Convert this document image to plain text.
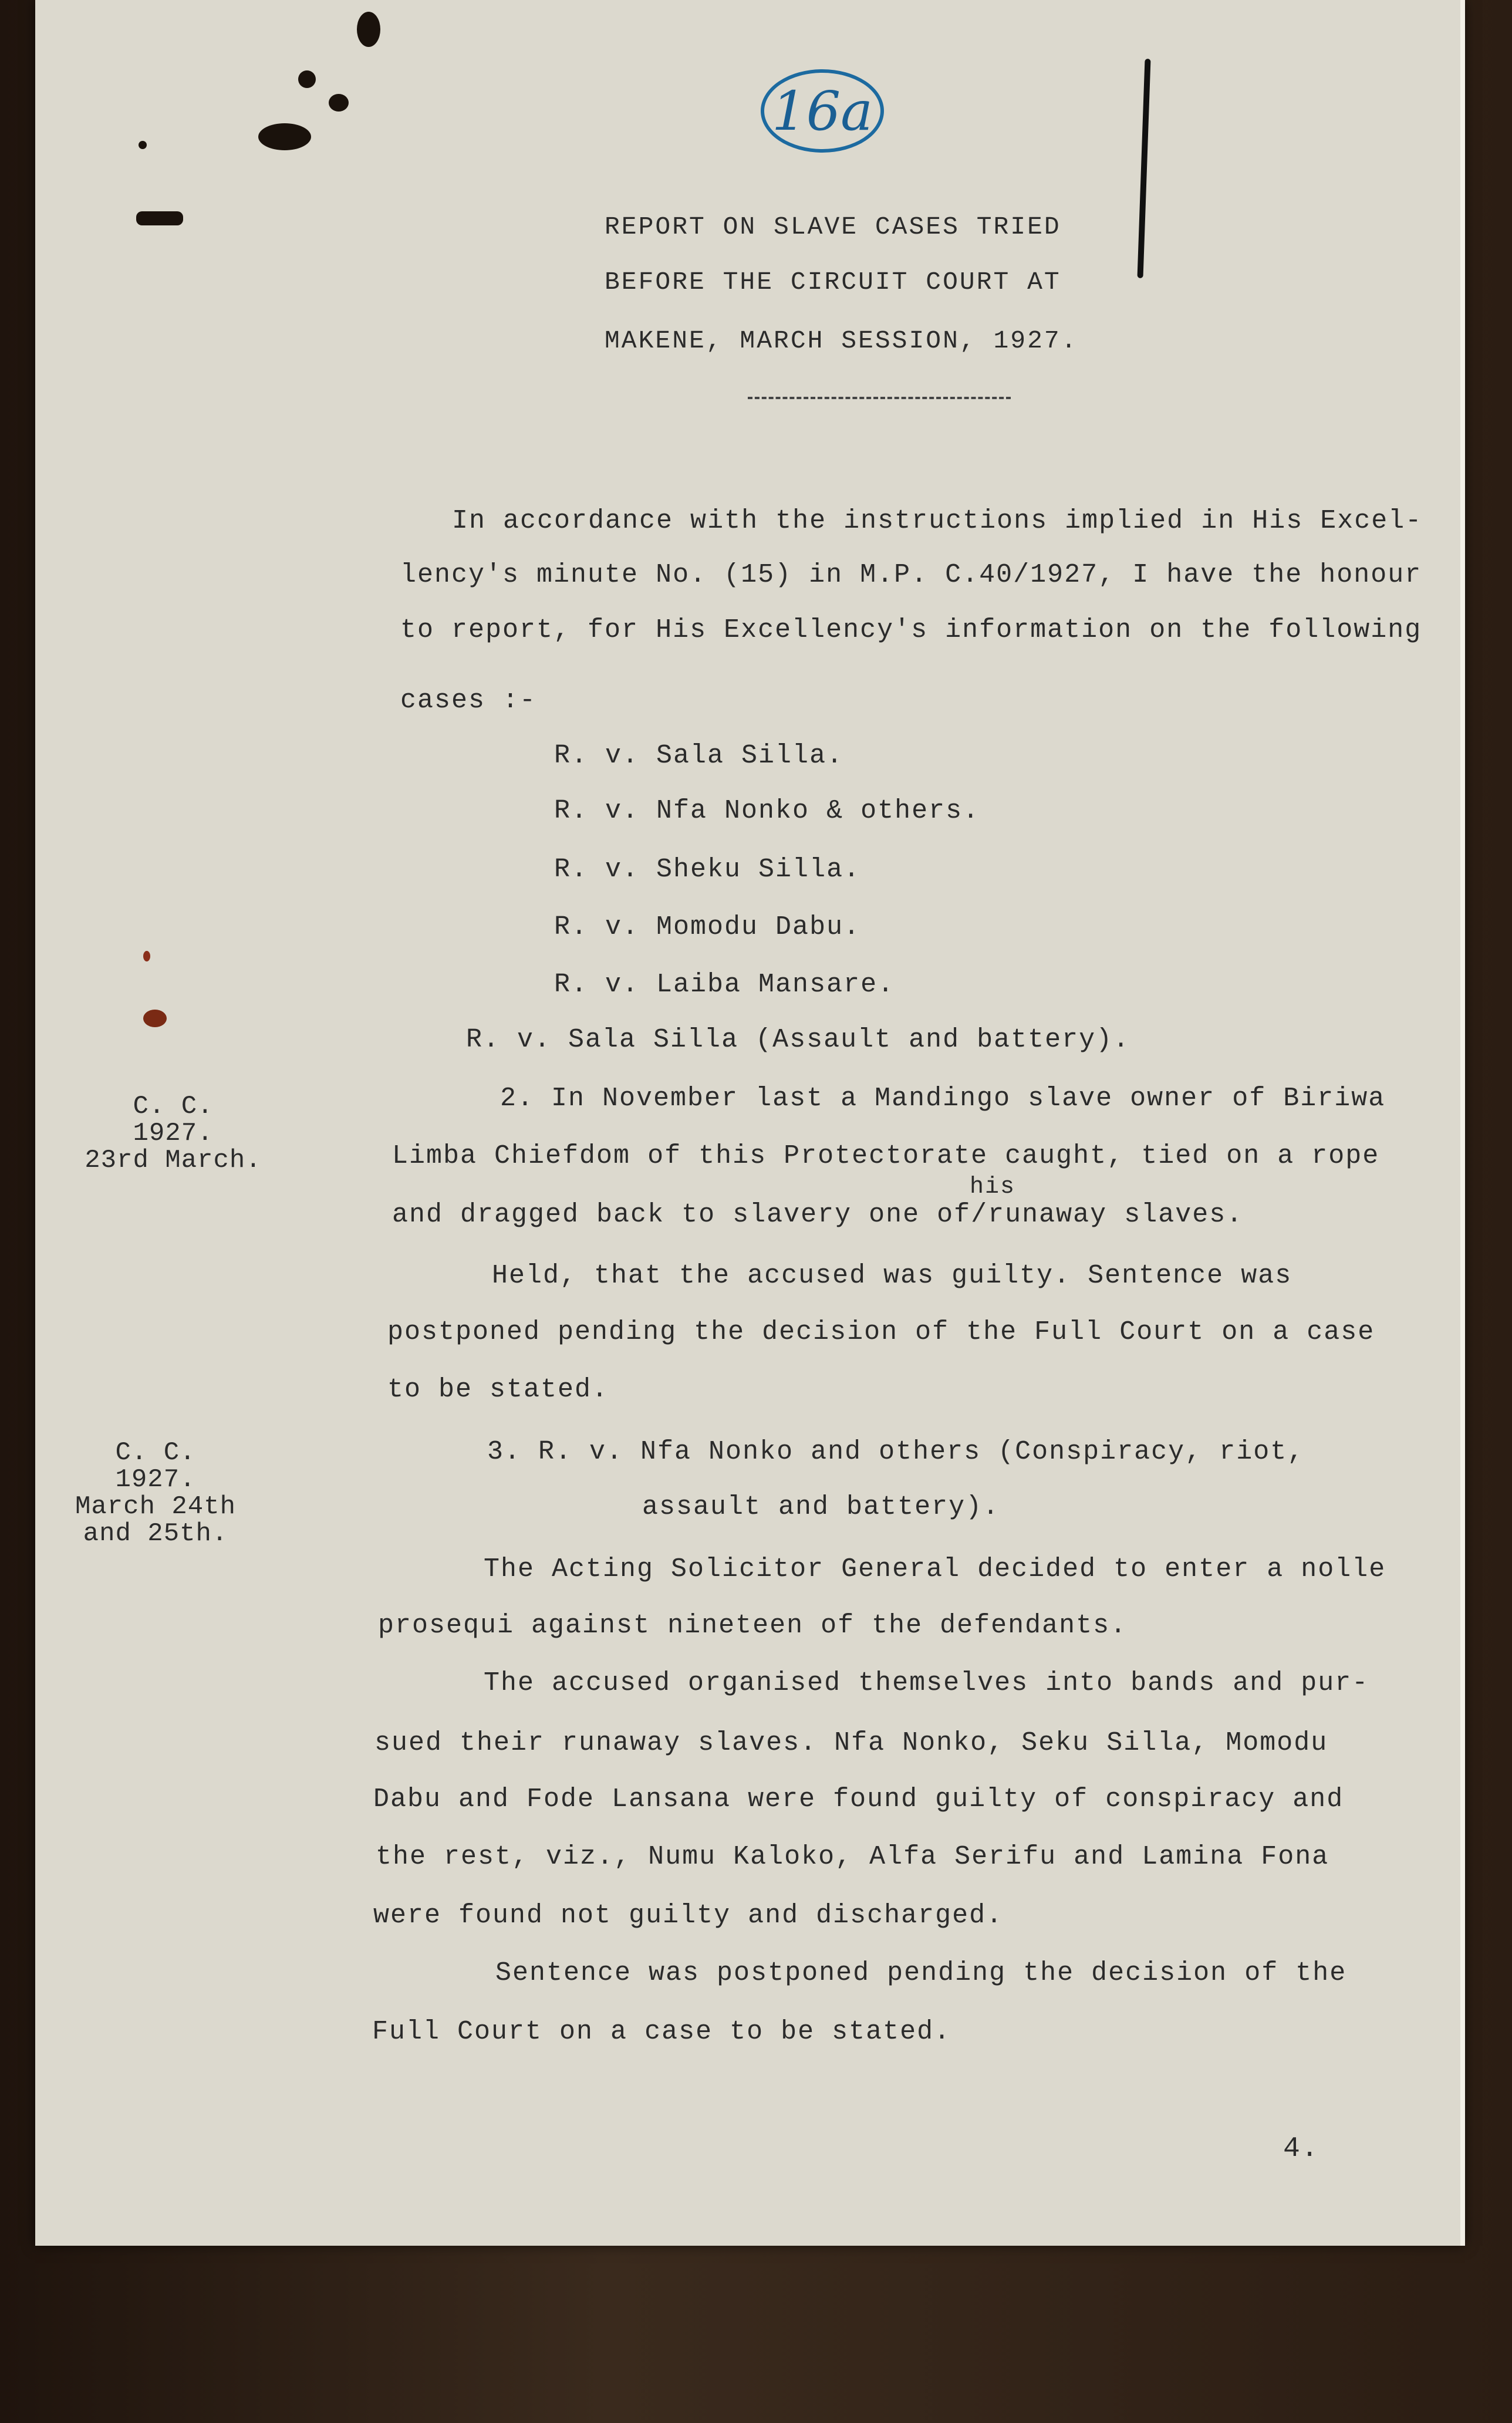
16a
REPORT ON SLAVE CASES TRIED
BEFORE THE CIRCUIT COURT AT
MAKENE, MARCH SESSION, 1927.
In accordance with the instructions implied in His Excel-
lency's minute No. (15) in M.P. C.40/1927, I have the honour
to report, for His Excellency's information on the following
cases :-
R. v. Sala Silla.
R. v. Nfa Nonko & others.
R. v. Sheku Silla.
R. v. Momodu Dabu.
R. v. Laiba Mansare.
R. v. Sala Silla (Assault and battery).
C. C.
1927.
23rd March.
2. In November last a Mandingo slave owner of Biriwa
Limba Chiefdom of this Protectorate caught, tied on a rope
his
and dragged back to slavery one of/runaway slaves.
Held, that the accused was guilty. Sentence was
postponed pending the decision of the Full Court on a case
to be stated.
C. C.
1927.
March 24th
and 25th.
3. R. v. Nfa Nonko and others (Conspiracy, riot,
assault and battery).
The Acting Solicitor General decided to enter a nolle
prosequi against nineteen of the defendants.
The accused organised themselves into bands and pur-
sued their runaway slaves. Nfa Nonko, Seku Silla, Momodu
Dabu and Fode Lansana were found guilty of conspiracy and
the rest, viz., Numu Kaloko, Alfa Serifu and Lamina Fona
were found not guilty and discharged.
Sentence was postponed pending the decision of the
Full Court on a case to be stated.
4.
